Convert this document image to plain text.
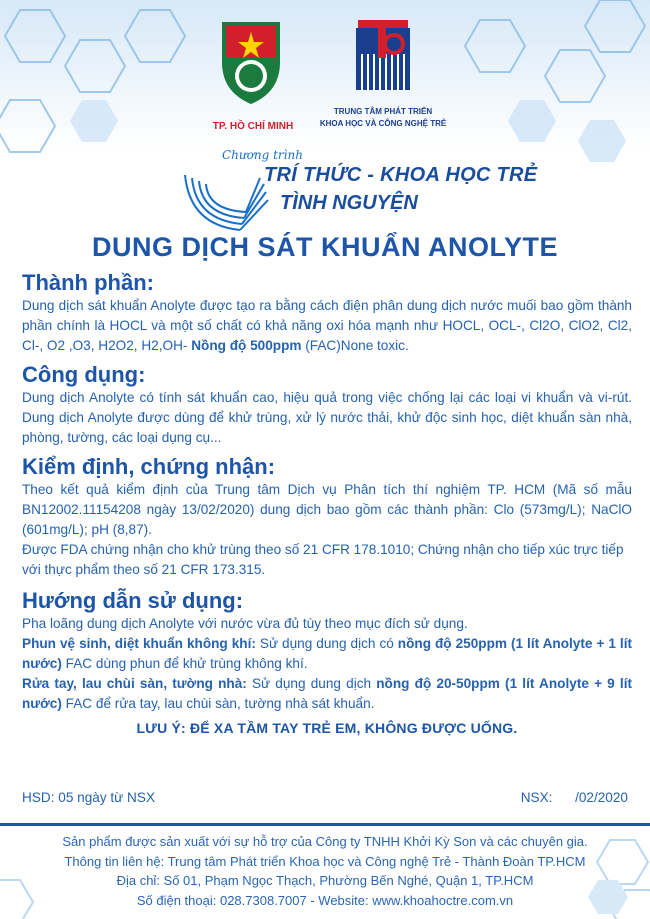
TP. HỒ CHÍ MINH
TRUNG TÂM PHÁT TRIỂN
KHOA HỌC VÀ CÔNG NGHỆ TRẺ
Chương trình
TRÍ THỨC - KHOA HỌC TRẺ
TÌNH NGUYỆN
DUNG DỊCH SÁT KHUẨN ANOLYTE
Thành phần:

Dung dịch sát khuẩn Anolyte được tạo ra bằng cách điện phân dung dịch nước muối bao gồm thành phần chính là HOCL và một số chất có khả năng oxi hóa mạnh như HOCL, OCL-, Cl2O, ClO2, Cl2, Cl-, O2 ,O3, H2O2, H2,OH- Nồng độ 500ppm (FAC)None toxic.

Công dụng:

Dung dịch Anolyte có tính sát khuẩn cao, hiệu quả trong việc chống lại các loại vi khuẩn và vi-rút. Dung dịch Anolyte được dùng để khử trùng, xử lý nước thải, khử độc sinh học, diệt khuẩn sàn nhà, phòng, tường, các loại dụng cụ...

Kiểm định, chứng nhận:

Theo kết quả kiểm định của Trung tâm Dịch vụ Phân tích thí nghiệm TP. HCM (Mã số mẫu BN12002.11154208 ngày 13/02/2020) dung dịch bao gồm các thành phần: Clo (573mg/L); NaClO (601mg/L); pH (8,87).

Được FDA chứng nhận cho khử trùng theo số 21 CFR 178.1010; Chứng nhận cho tiếp xúc trực tiếp với thực phẩm theo số 21 CFR 173.315.

Hướng dẫn sử dụng:

Pha loãng dung dịch Anolyte với nước vừa đủ tùy theo mục đích sử dụng.

Phun vệ sinh, diệt khuẩn không khí: Sử dụng dung dịch có nồng độ 250ppm (1 lít Anolyte + 1 lít nước) FAC dùng phun để khử trùng không khí.

Rửa tay, lau chùi sàn, tường nhà: Sử dụng dung dịch nồng độ 20-50ppm (1 lít Anolyte + 9 lít nước) FAC để rửa tay, lau chùi sàn, tường nhà sát khuẩn.

LƯU Ý: ĐỂ XA TẦM TAY TRẺ EM, KHÔNG ĐƯỢC UỐNG.
HSD: 05 ngày từ NSX	NSX:      /02/2020
Sản phẩm được sản xuất với sự hỗ trợ của Công ty TNHH Khởi Kỳ Son và các chuyên gia.
Thông tin liên hệ: Trung tâm Phát triển Khoa học và Công nghệ Trẻ - Thành Đoàn TP.HCM
Địa chỉ: Số 01, Phạm Ngọc Thạch, Phường Bến Nghé, Quận 1, TP.HCM
Số điện thoại: 028.7308.7007 - Website: www.khoahoctre.com.vn
